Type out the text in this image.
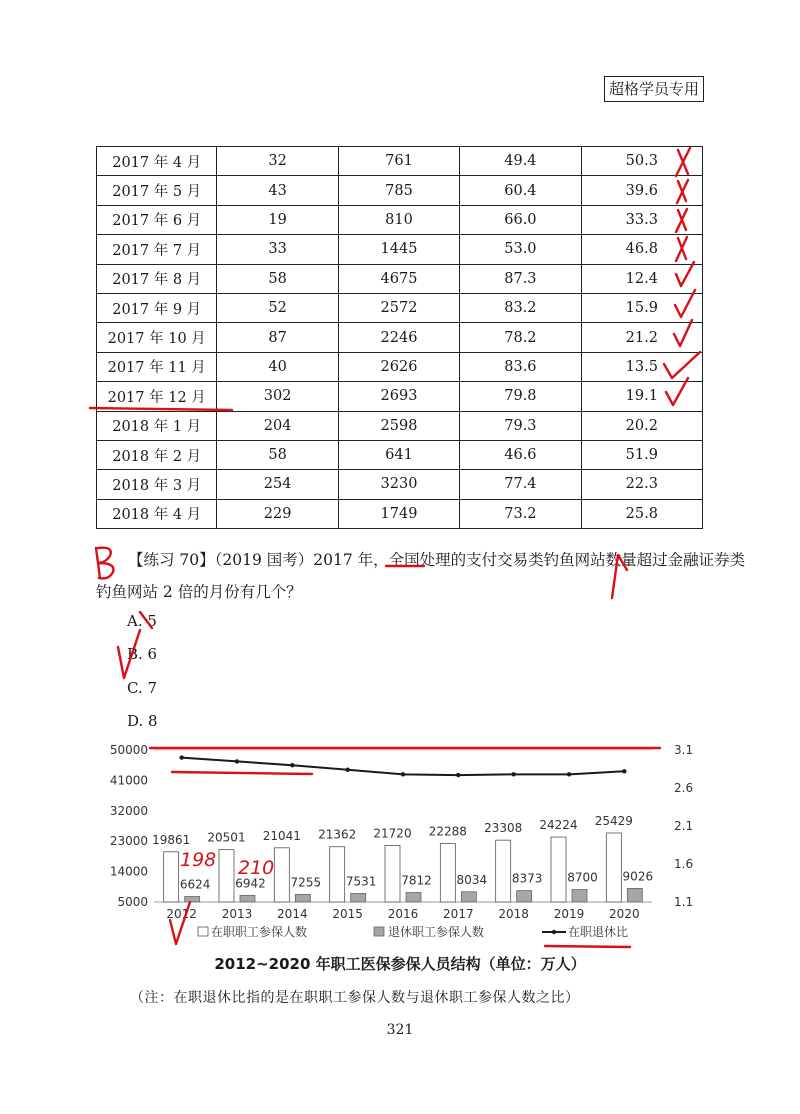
超格学员专用
2017 年 4 月	32	761	49.4	50.3
2017 年 5 月	43	785	60.4	39.6
2017 年 6 月	19	810	66.0	33.3
2017 年 7 月	33	1445	53.0	46.8
2017 年 8 月	58	4675	87.3	12.4
2017 年 9 月	52	2572	83.2	15.9
2017 年 10 月	87	2246	78.2	21.2
2017 年 11 月	40	2626	83.6	13.5
2017 年 12 月	302	2693	79.8	19.1
2018 年 1 月	204	2598	79.3	20.2
2018 年 2 月	58	641	46.6	51.9
2018 年 3 月	254	3230	77.4	22.3
2018 年 4 月	229	1749	73.2	25.8
【练习 70】（2019 国考）2017 年，全国处理的支付交易类钓鱼网站数量超过金融证券类
钓鱼网站 2 倍的月份有几个？
A. 5
B. 6
C. 7
D. 8
5000
14000
23000
32000
41000
50000
1.1
1.6
2.1
2.6
3.1
19861
6624
2012
20501
6942
2013
21041
7255
2014
21362
7531
2015
21720
7812
2016
22288
8034
2017
23308
8373
2018
24224
8700
2019
25429
9026
2020
在职职工参保人数	退休职工参保人数	在职退休比
2012~2020 年职工医保参保人员结构（单位：万人）
（注：在职退休比指的是在职职工参保人数与退休职工参保人数之比）
321
198 210
